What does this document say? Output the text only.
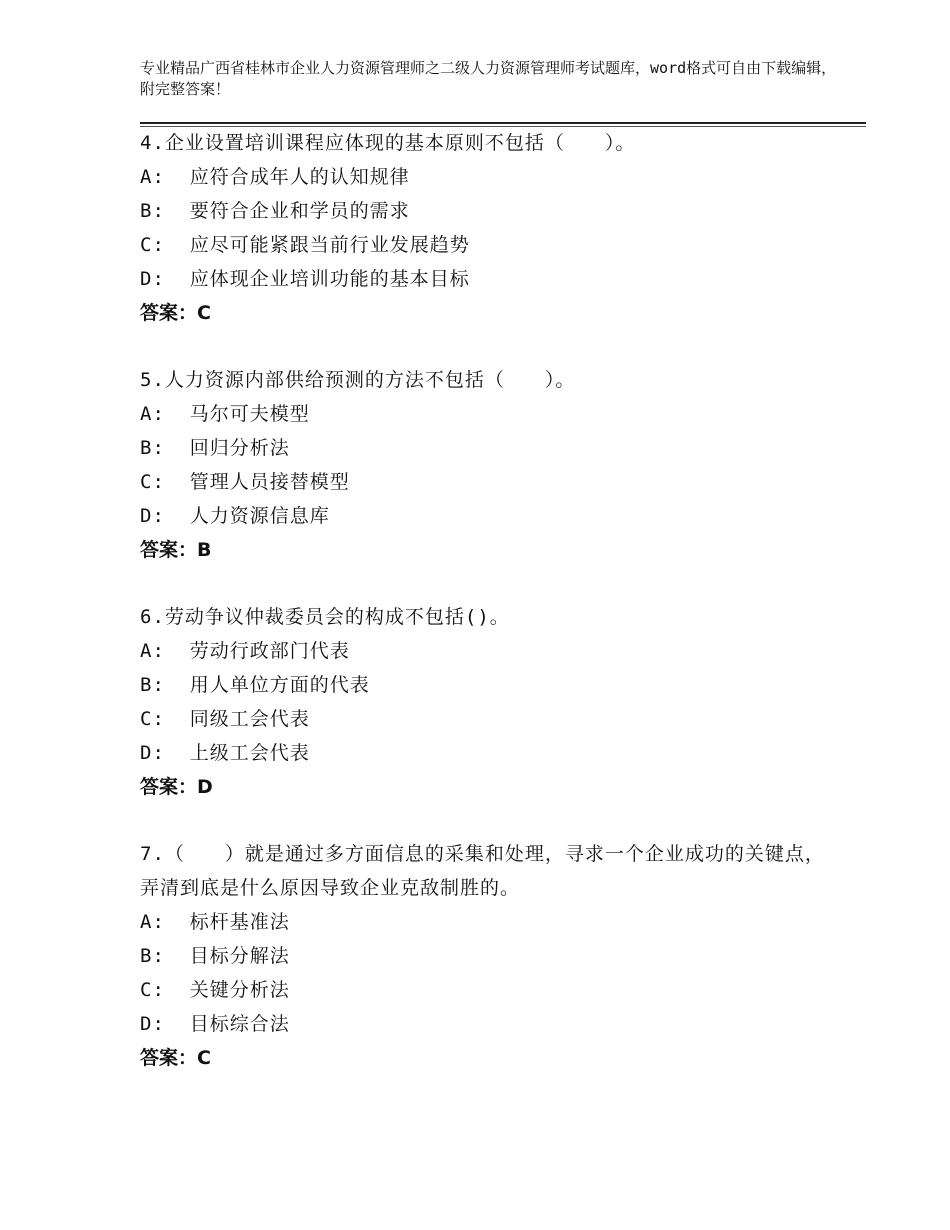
专业精品广西省桂林市企业人力资源管理师之二级人力资源管理师考试题库，word格式可自由下载编辑，附完整答案！
4.企业设置培训课程应体现的基本原则不包括（　　）。
A:  应符合成年人的认知规律
B:  要符合企业和学员的需求
C:  应尽可能紧跟当前行业发展趋势
D:  应体现企业培训功能的基本目标
答案：C
5.人力资源内部供给预测的方法不包括（　　）。
A:  马尔可夫模型
B:  回归分析法
C:  管理人员接替模型
D:  人力资源信息库
答案：B
6.劳动争议仲裁委员会的构成不包括()。
A:  劳动行政部门代表
B:  用人单位方面的代表
C:  同级工会代表
D:  上级工会代表
答案：D
7.（　　）就是通过多方面信息的采集和处理，寻求一个企业成功的关键点，弄清到底是什么原因导致企业克敌制胜的。
A:  标杆基准法
B:  目标分解法
C:  关键分析法
D:  目标综合法
答案：C
